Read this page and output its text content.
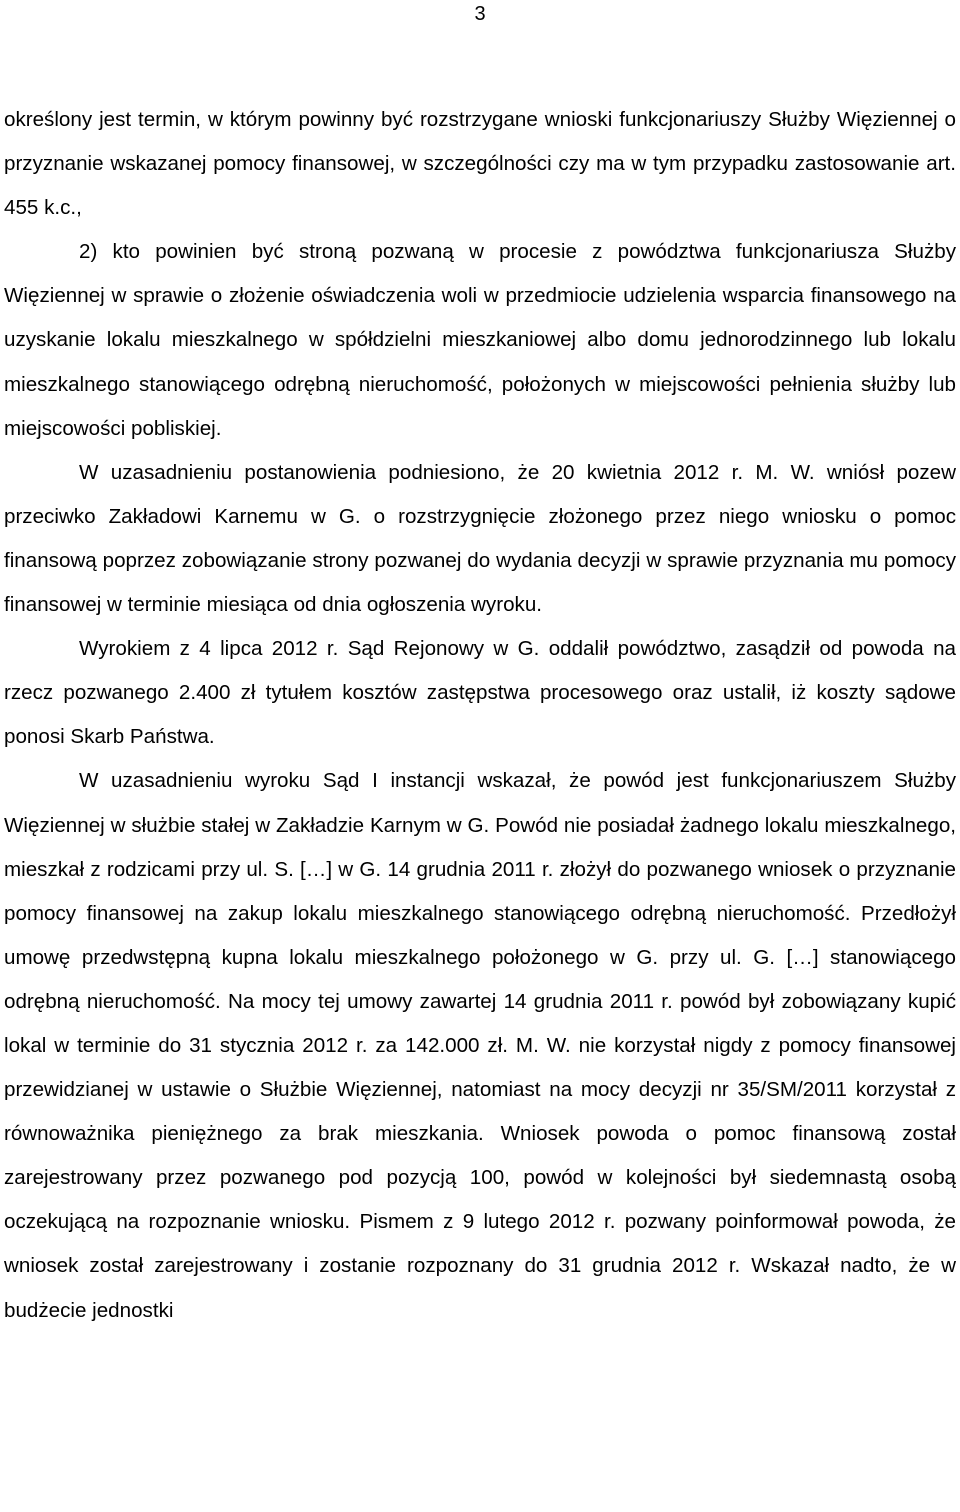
3

określony jest termin, w którym powinny być rozstrzygane wnioski funkcjonariuszy Służby Więziennej o przyznanie wskazanej pomocy finansowej, w szczególności czy ma w tym przypadku zastosowanie art. 455 k.c.,

2) kto powinien być stroną pozwaną w procesie z powództwa funkcjonariusza Służby Więziennej w sprawie o złożenie oświadczenia woli w przedmiocie udzielenia wsparcia finansowego na uzyskanie lokalu mieszkalnego w spółdzielni mieszkaniowej albo domu jednorodzinnego lub lokalu mieszkalnego stanowiącego odrębną nieruchomość, położonych w miejscowości pełnienia służby lub miejscowości pobliskiej.

W uzasadnieniu postanowienia podniesiono, że 20 kwietnia 2012 r. M. W. wniósł pozew przeciwko Zakładowi Karnemu w G. o rozstrzygnięcie złożonego przez niego wniosku o pomoc finansową poprzez zobowiązanie strony pozwanej do wydania decyzji w sprawie przyznania mu pomocy finansowej w terminie miesiąca od dnia ogłoszenia wyroku.

Wyrokiem z 4 lipca 2012 r. Sąd Rejonowy w G. oddalił powództwo, zasądził od powoda na rzecz pozwanego 2.400 zł tytułem kosztów zastępstwa procesowego oraz ustalił, iż koszty sądowe ponosi Skarb Państwa.

W uzasadnieniu wyroku Sąd I instancji wskazał, że powód jest funkcjonariuszem Służby Więziennej w służbie stałej w Zakładzie Karnym w G. Powód nie posiadał żadnego lokalu mieszkalnego, mieszkał z rodzicami przy ul. S. […] w G. 14 grudnia 2011 r. złożył do pozwanego wniosek o przyznanie pomocy finansowej na zakup lokalu mieszkalnego stanowiącego odrębną nieruchomość. Przedłożył umowę przedwstępną kupna lokalu mieszkalnego położonego w G. przy ul. G. […] stanowiącego odrębną nieruchomość. Na mocy tej umowy zawartej 14 grudnia 2011 r. powód był zobowiązany kupić lokal w terminie do 31 stycznia 2012 r. za 142.000 zł. M. W. nie korzystał nigdy z pomocy finansowej przewidzianej w ustawie o Służbie Więziennej, natomiast na mocy decyzji nr 35/SM/2011 korzystał z równoważnika pieniężnego za brak mieszkania. Wniosek powoda o pomoc finansową został zarejestrowany przez pozwanego pod pozycją 100, powód w kolejności był siedemnastą osobą oczekującą na rozpoznanie wniosku. Pismem z 9 lutego 2012 r. pozwany poinformował powoda, że wniosek został zarejestrowany i zostanie rozpoznany do 31 grudnia 2012 r. Wskazał nadto, że w budżecie jednostki
